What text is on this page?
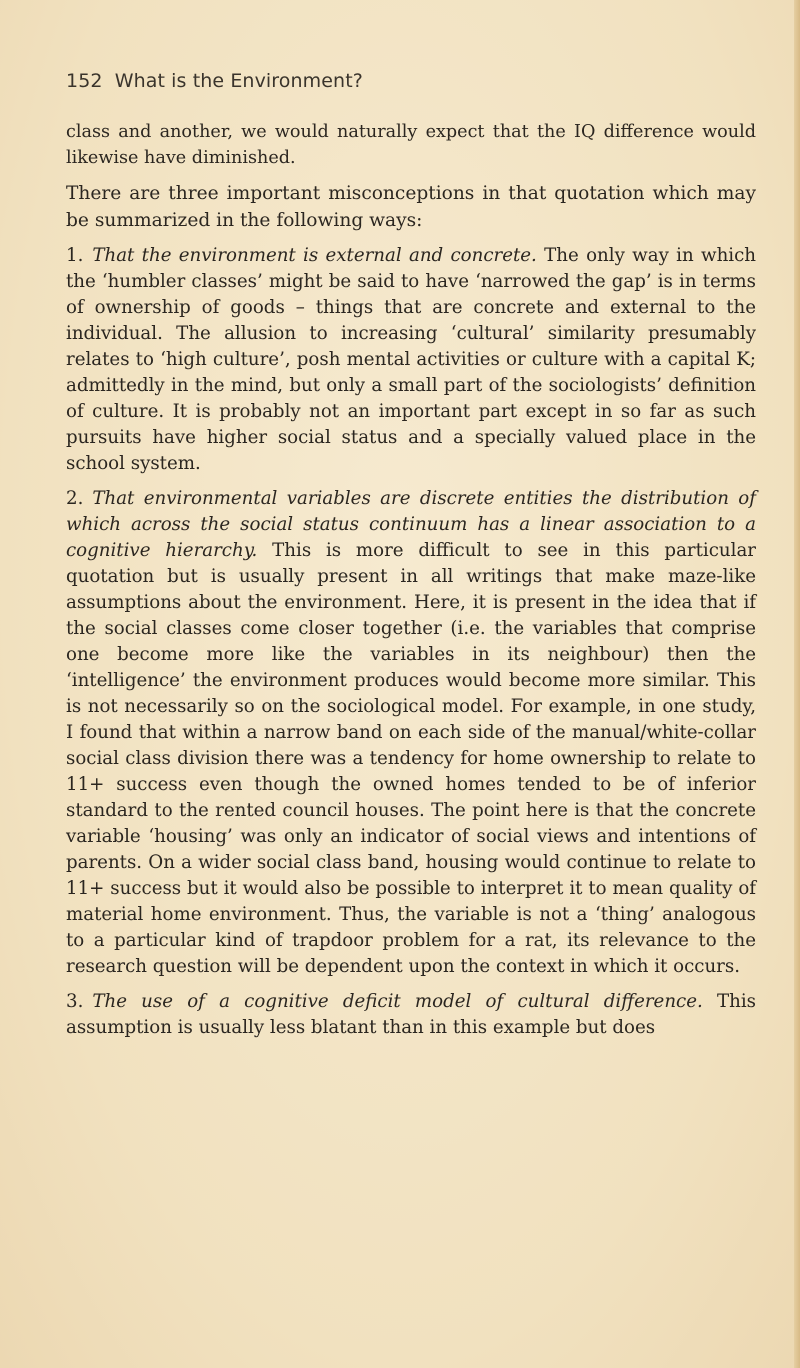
152 What is the Environment?

class and another, we would naturally expect that the IQ difference would likewise have diminished.

There are three important misconceptions in that quotation which may be summarized in the following ways:

1. That the environment is external and concrete. The only way in which the ‘humbler classes’ might be said to have ‘narrowed the gap’ is in terms of ownership of goods – things that are concrete and external to the individual. The allusion to increasing ‘cultural’ similarity presumably relates to ‘high culture’, posh mental activities or culture with a capital K; admittedly in the mind, but only a small part of the sociologists’ definition of culture. It is probably not an important part except in so far as such pursuits have higher social status and a specially valued place in the school system.

2. That environmental variables are discrete entities the distribution of which across the social status continuum has a linear association to a cognitive hierarchy. This is more difficult to see in this particular quotation but is usually present in all writings that make maze-like assumptions about the environment. Here, it is present in the idea that if the social classes come closer together (i.e. the variables that comprise one become more like the variables in its neighbour) then the ‘intelligence’ the environment produces would become more similar. This is not necessarily so on the sociological model. For example, in one study, I found that within a narrow band on each side of the manual/white-collar social class division there was a tendency for home ownership to relate to 11+ success even though the owned homes tended to be of inferior standard to the rented council houses. The point here is that the concrete variable ‘housing’ was only an indicator of social views and intentions of parents. On a wider social class band, housing would continue to relate to 11+ success but it would also be possible to interpret it to mean quality of material home environment. Thus, the variable is not a ‘thing’ analogous to a particular kind of trapdoor problem for a rat, its relevance to the research question will be dependent upon the context in which it occurs.

3. The use of a cognitive deficit model of cultural difference. This assumption is usually less blatant than in this example but does
